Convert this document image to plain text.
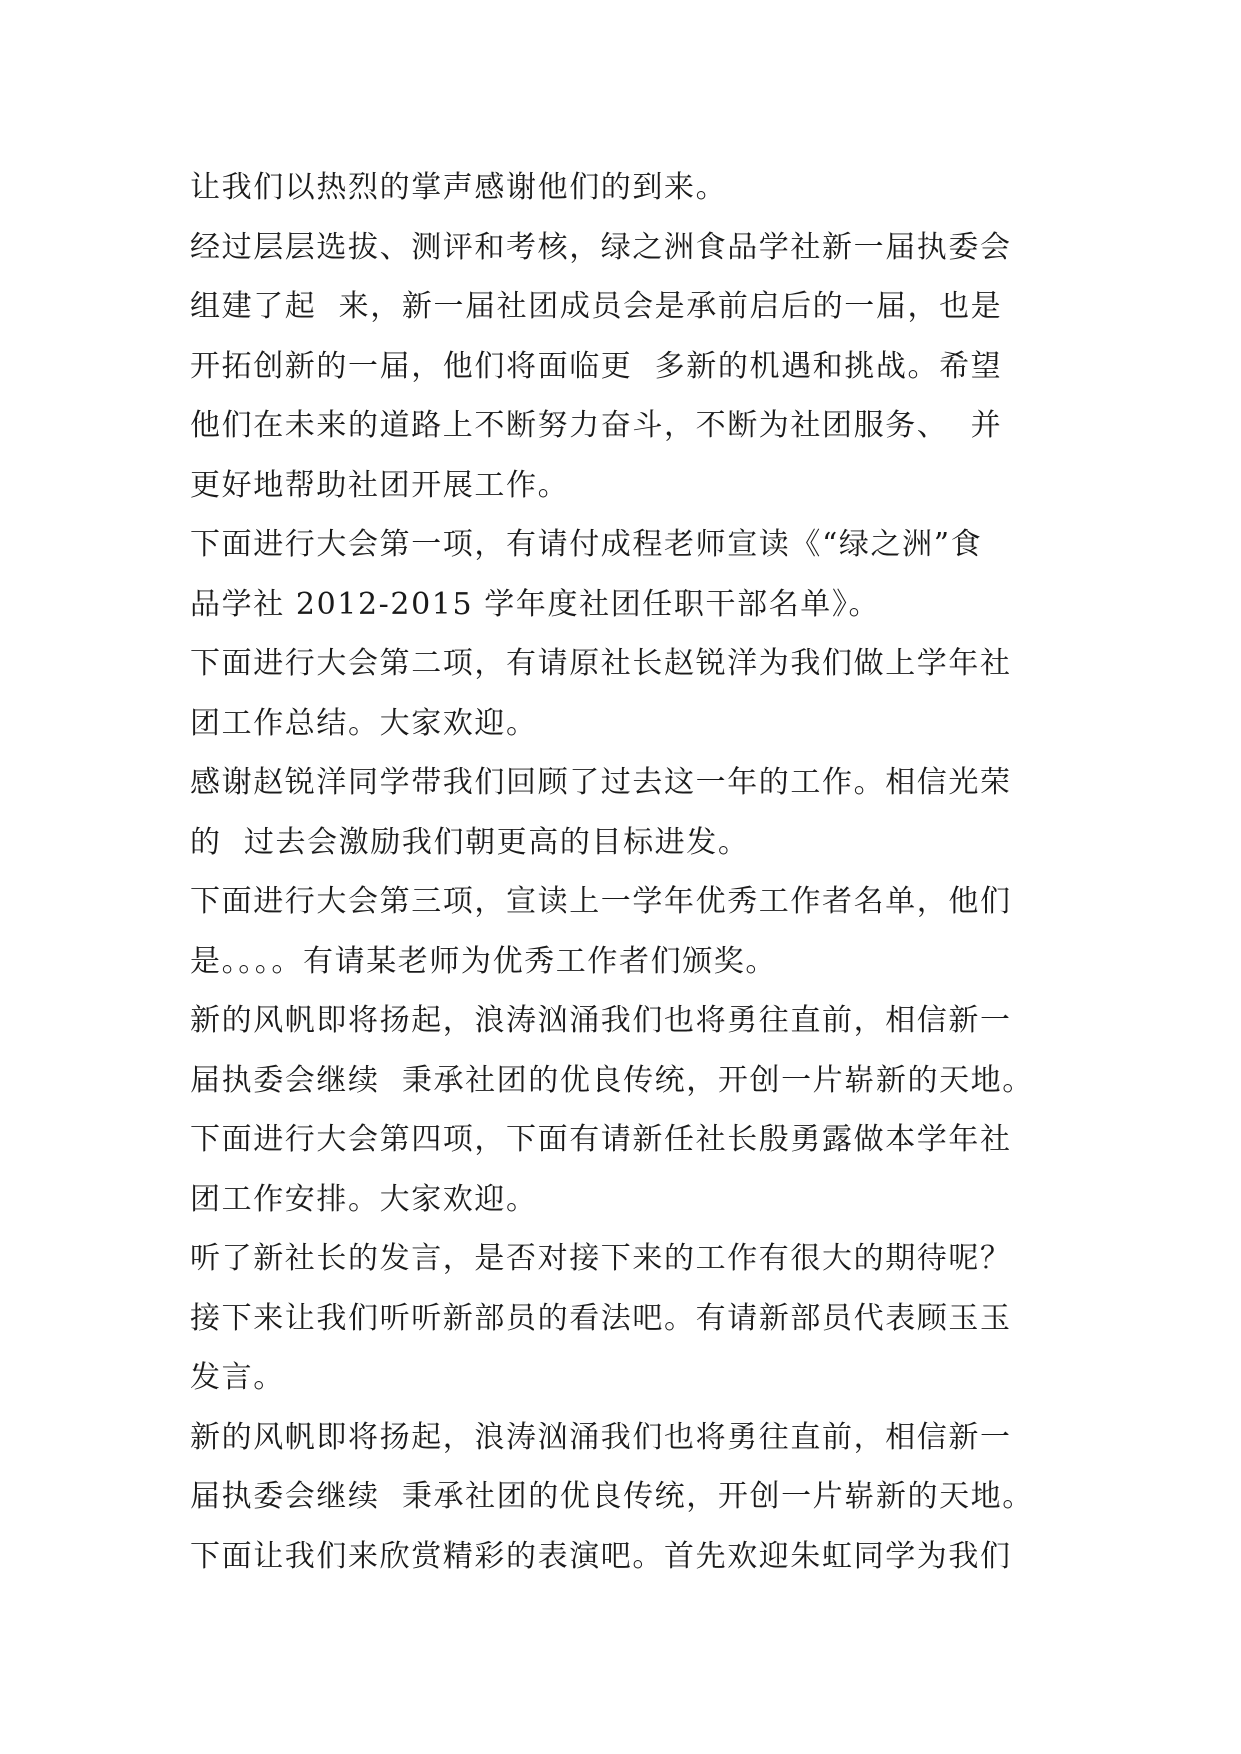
让我们以热烈的掌声感谢他们的到来。
经过层层选拔、测评和考核，绿之洲食品学社新一届执委会
组建了起  来，新一届社团成员会是承前启后的一届，也是
开拓创新的一届，他们将面临更  多新的机遇和挑战。希望
他们在未来的道路上不断努力奋斗，不断为社团服务、  并
更好地帮助社团开展工作。
下面进行大会第一项，有请付成程老师宣读《“绿之洲”食
品学社 2012-2015 学年度社团任职干部名单》。
下面进行大会第二项，有请原社长赵锐洋为我们做上学年社
团工作总结。大家欢迎。
感谢赵锐洋同学带我们回顾了过去这一年的工作。相信光荣
的  过去会激励我们朝更高的目标进发。
下面进行大会第三项，宣读上一学年优秀工作者名单，他们
是。。。。有请某老师为优秀工作者们颁奖。
新的风帆即将扬起，浪涛汹涌我们也将勇往直前，相信新一
届执委会继续  秉承社团的优良传统，开创一片崭新的天地。
下面进行大会第四项，下面有请新任社长殷勇露做本学年社
团工作安排。大家欢迎。
听了新社长的发言，是否对接下来的工作有很大的期待呢？
接下来让我们听听新部员的看法吧。有请新部员代表顾玉玉
发言。
新的风帆即将扬起，浪涛汹涌我们也将勇往直前，相信新一
届执委会继续  秉承社团的优良传统，开创一片崭新的天地。
下面让我们来欣赏精彩的表演吧。首先欢迎朱虹同学为我们
